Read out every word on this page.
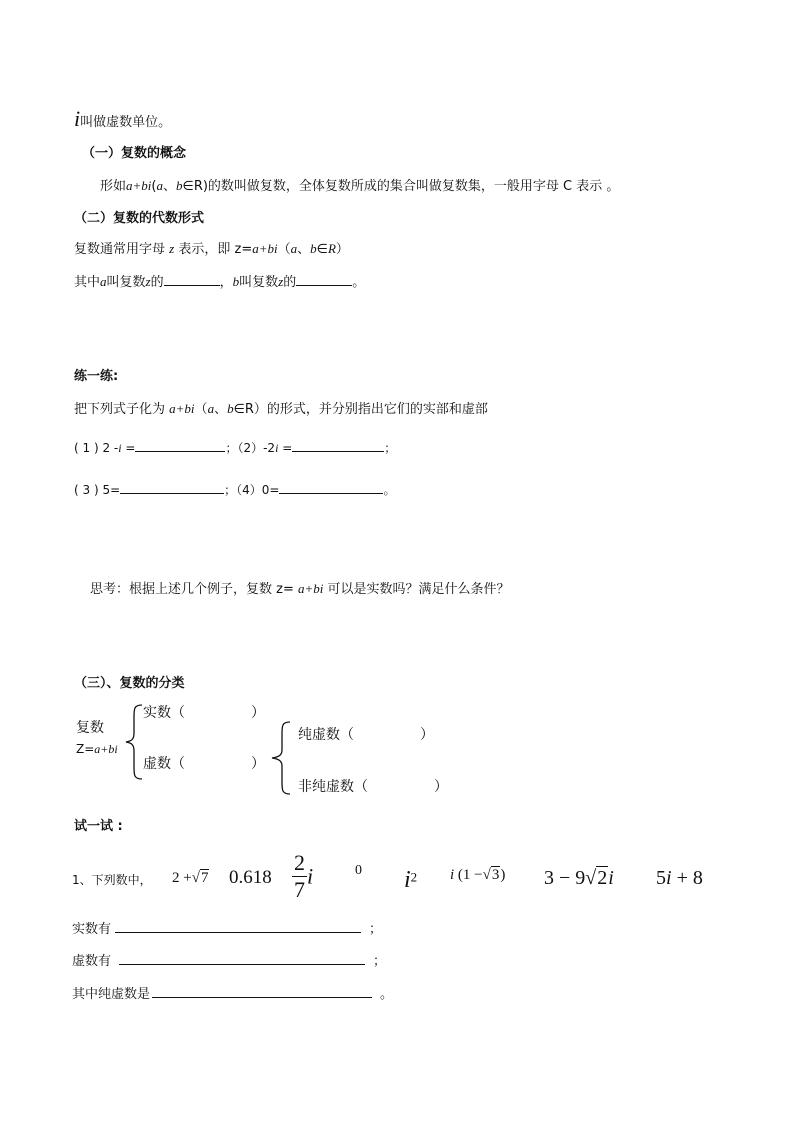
i叫做虚数单位。
（一）复数的概念
形如a+bi(a、b∈R)的数叫做复数，全体复数所成的集合叫做复数集，一般用字母 C 表示 。
（二）复数的代数形式
复数通常用字母 z 表示，即 z=a+bi（a、b∈R）
其中a叫复数z的	，b叫复数z的	。
练一练:
把下列式子化为 a+bi（a、b∈R）的形式，并分别指出它们的实部和虚部
( 1 ) 2 -i =	；（2）-2i =	；
( 3 ) 5=	；（4）0=	。
思考：根据上述几个例子，复数 z= a+bi 可以是实数吗？满足什么条件？
（三）、复数的分类
复数
Z=a+bi
实数（	）
虚数（	）
纯虚数（	）
非纯虚数（	）
试一试 :
1、下列数中， 2 +√7 $0.618 \frac{2}{7}$ i	0 $i^2$ i (1 −√3) 3 − 9√2i 5i + 8
实数有	；
虚数有	；
其中纯虚数是	。
